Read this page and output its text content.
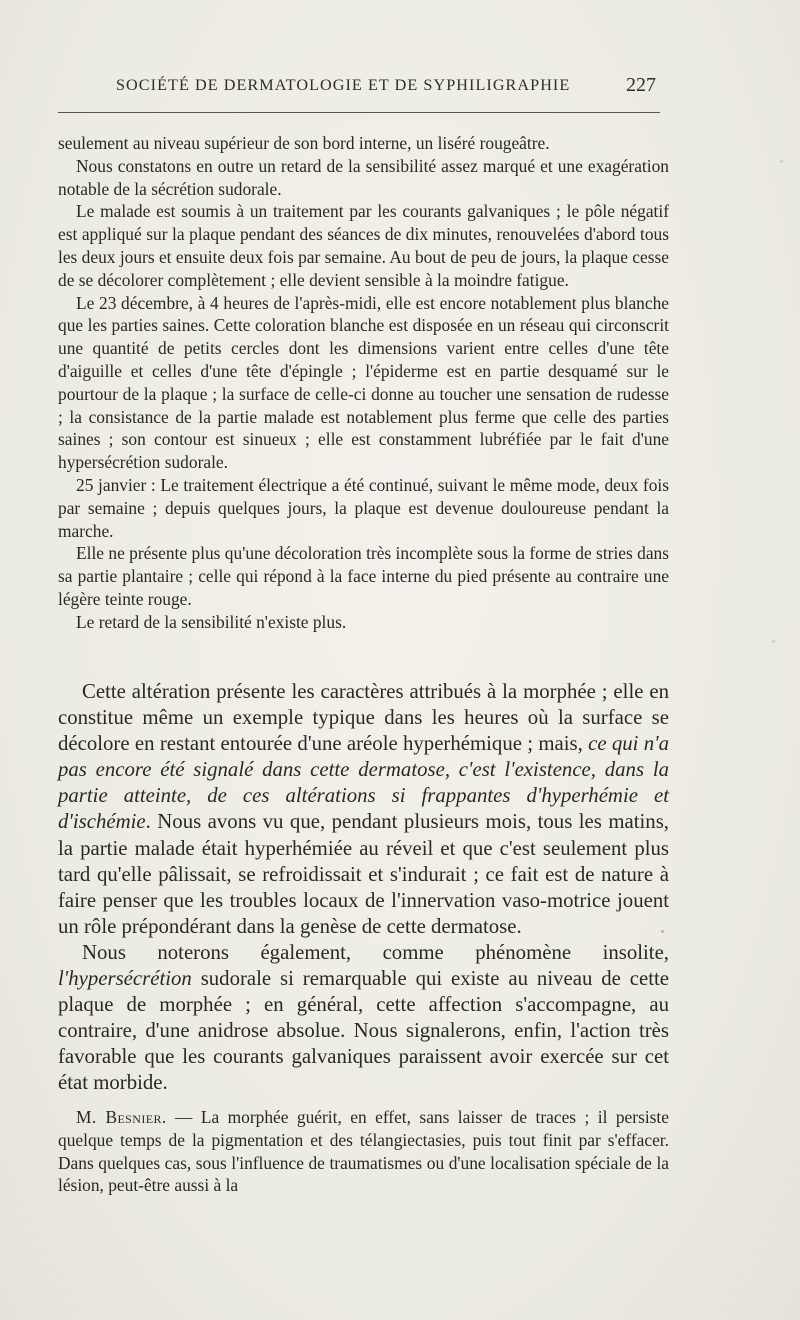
SOCIÉTÉ DE DERMATOLOGIE ET DE SYPHILIGRAPHIE	227

seulement au niveau supérieur de son bord interne, un liséré rougeâtre.

Nous constatons en outre un retard de la sensibilité assez marqué et une exagération notable de la sécrétion sudorale.

Le malade est soumis à un traitement par les courants galvaniques ; le pôle négatif est appliqué sur la plaque pendant des séances de dix minutes, renouvelées d'abord tous les deux jours et ensuite deux fois par semaine. Au bout de peu de jours, la plaque cesse de se décolorer complètement ; elle devient sensible à la moindre fatigue.

Le 23 décembre, à 4 heures de l'après-midi, elle est encore notablement plus blanche que les parties saines. Cette coloration blanche est disposée en un réseau qui circonscrit une quantité de petits cercles dont les dimensions varient entre celles d'une tête d'aiguille et celles d'une tête d'épingle ; l'épiderme est en partie desquamé sur le pourtour de la plaque ; la surface de celle-ci donne au toucher une sensation de rudesse ; la consistance de la partie malade est notablement plus ferme que celle des parties saines ; son contour est sinueux ; elle est constamment lubréfiée par le fait d'une hypersécrétion sudorale.

25 janvier : Le traitement électrique a été continué, suivant le même mode, deux fois par semaine ; depuis quelques jours, la plaque est devenue douloureuse pendant la marche.

Elle ne présente plus qu'une décoloration très incomplète sous la forme de stries dans sa partie plantaire ; celle qui répond à la face interne du pied présente au contraire une légère teinte rouge.

Le retard de la sensibilité n'existe plus.

Cette altération présente les caractères attribués à la morphée ; elle en constitue même un exemple typique dans les heures où la surface se décolore en restant entourée d'une aréole hyperhémique ; mais, ce qui n'a pas encore été signalé dans cette dermatose, c'est l'existence, dans la partie atteinte, de ces altérations si frappantes d'hyperhémie et d'ischémie. Nous avons vu que, pendant plusieurs mois, tous les matins, la partie malade était hyperhémiée au réveil et que c'est seulement plus tard qu'elle pâlissait, se refroidissait et s'indurait ; ce fait est de nature à faire penser que les troubles locaux de l'innervation vaso-motrice jouent un rôle prépondérant dans la genèse de cette dermatose.

Nous noterons également, comme phénomène insolite, l'hypersécrétion sudorale si remarquable qui existe au niveau de cette plaque de morphée ; en général, cette affection s'accompagne, au contraire, d'une anidrose absolue. Nous signalerons, enfin, l'action très favorable que les courants galvaniques paraissent avoir exercée sur cet état morbide.

M. Besnier. — La morphée guérit, en effet, sans laisser de traces ; il persiste quelque temps de la pigmentation et des télangiectasies, puis tout finit par s'effacer. Dans quelques cas, sous l'influence de traumatismes ou d'une localisation spéciale de la lésion, peut-être aussi à la
